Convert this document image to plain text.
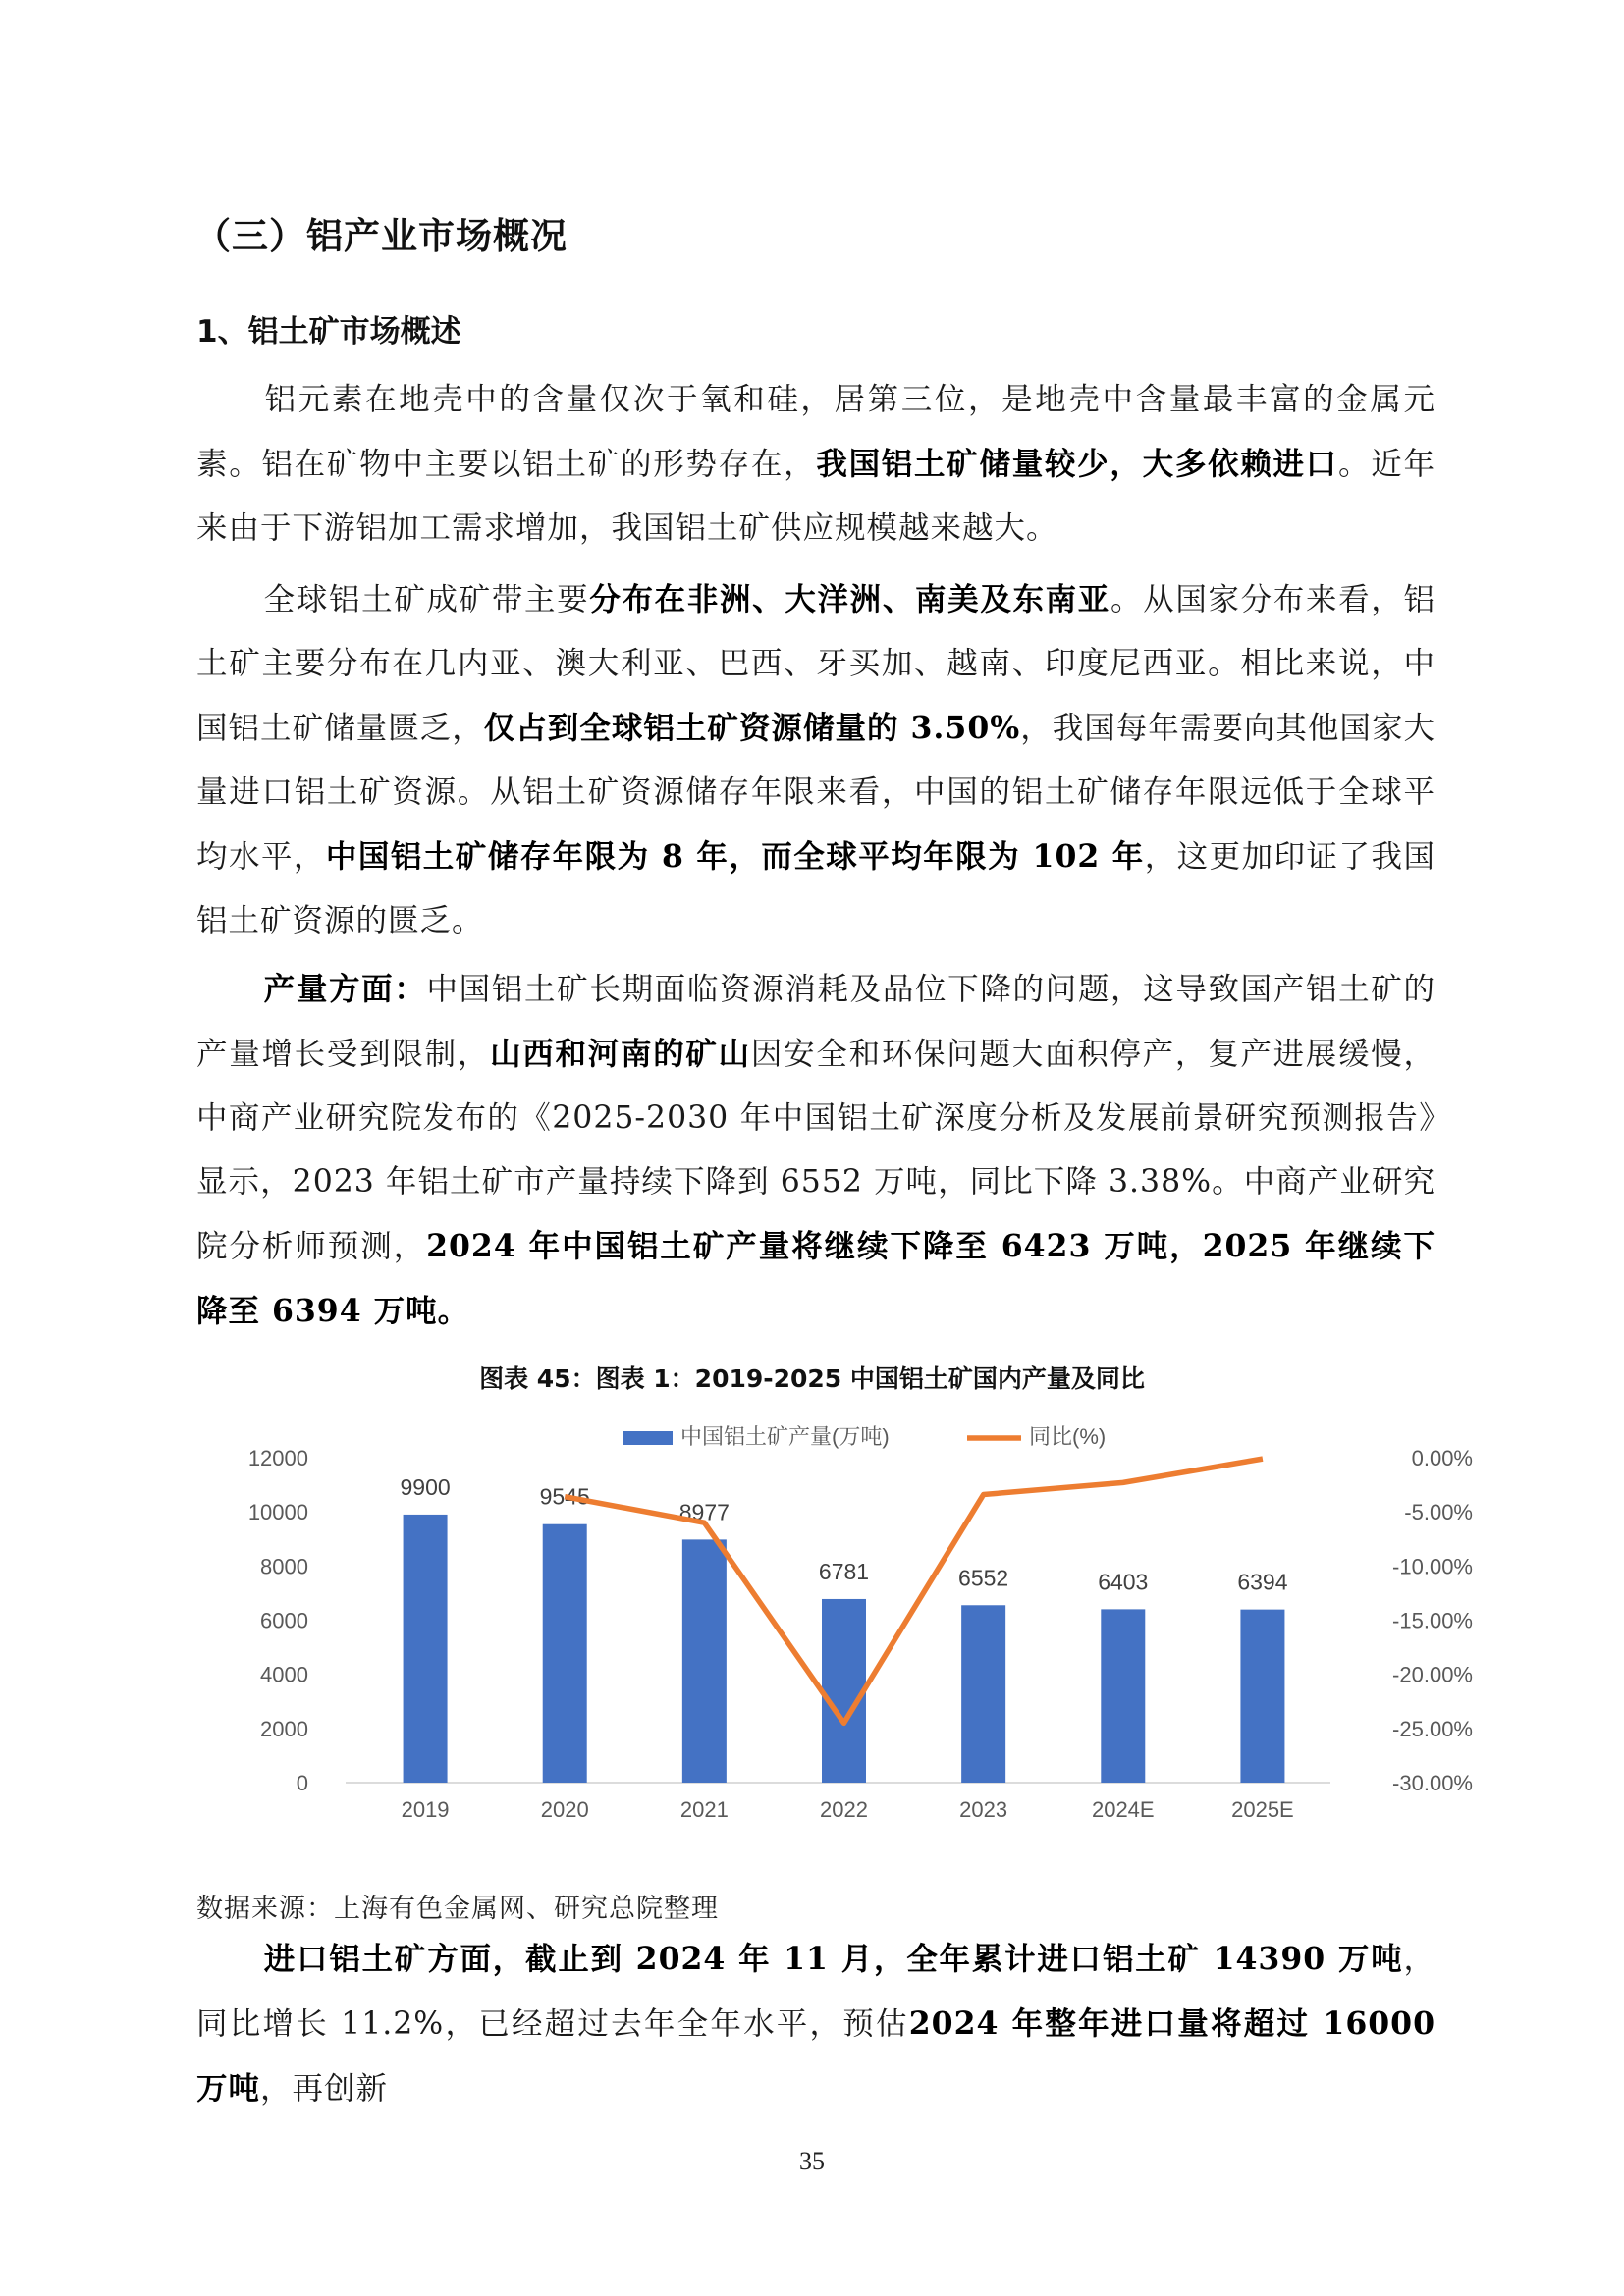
（三）铝产业市场概况
1、铝土矿市场概述
铝元素在地壳中的含量仅次于氧和硅，居第三位，是地壳中含量最丰富的金属元素。铝在矿物中主要以铝土矿的形势存在，我国铝土矿储量较少，大多依赖进口。近年来由于下游铝加工需求增加，我国铝土矿供应规模越来越大。
全球铝土矿成矿带主要分布在非洲、大洋洲、南美及东南亚。从国家分布来看，铝土矿主要分布在几内亚、澳大利亚、巴西、牙买加、越南、印度尼西亚。相比来说，中国铝土矿储量匮乏，仅占到全球铝土矿资源储量的 3.50%，我国每年需要向其他国家大量进口铝土矿资源。从铝土矿资源储存年限来看，中国的铝土矿储存年限远低于全球平均水平，中国铝土矿储存年限为 8 年，而全球平均年限为 102 年，这更加印证了我国铝土矿资源的匮乏。
产量方面：中国铝土矿长期面临资源消耗及品位下降的问题，这导致国产铝土矿的产量增长受到限制，山西和河南的矿山因安全和环保问题大面积停产，复产进展缓慢，中商产业研究院发布的《2025-2030 年中国铝土矿深度分析及发展前景研究预测报告》显示，2023 年铝土矿市产量持续下降到 6552 万吨，同比下降 3.38%。中商产业研究院分析师预测，2024 年中国铝土矿产量将继续下降至 6423 万吨，2025 年继续下降至 6394 万吨。
图表 45：图表 1：2019-2025 中国铝土矿国内产量及同比
12000
10000
8000
6000
4000
2000
0
0.00%
-5.00%
-10.00%
-15.00%
-20.00%
-25.00%
-30.00%
9900	9545
8977
6781	6552	6403	6394
2019	2020	2021	2022	2023	2024E	2025E
中国铝土矿产量(万吨)	同比(%)
数据来源：上海有色金属网、研究总院整理
进口铝土矿方面，截止到 2024 年 11 月，全年累计进口铝土矿 14390 万吨，同比增长 11.2%，已经超过去年全年水平，预估2024 年整年进口量将超过 16000 万吨，再创新
35
